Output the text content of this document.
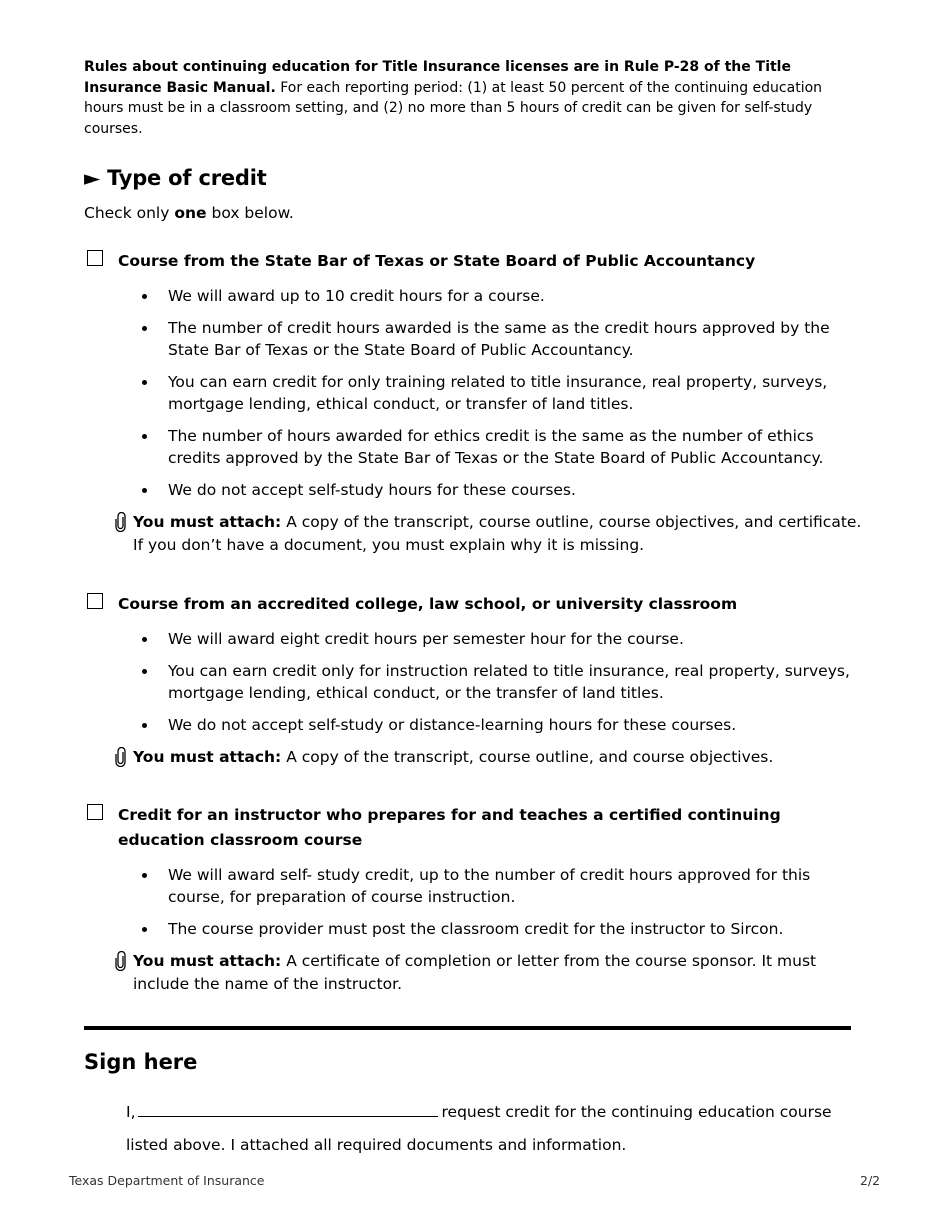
Rules about continuing education for Title Insurance licenses are in Rule P-28 of the Title Insurance Basic Manual. For each reporting period: (1) at least 50 percent of the continuing education hours must be in a classroom setting, and (2) no more than 5 hours of credit can be given for self-study courses.
► Type of credit
Check only one box below.
Course from the State Bar of Texas or State Board of Public Accountancy
We will award up to 10 credit hours for a course.
The number of credit hours awarded is the same as the credit hours approved by the State Bar of Texas or the State Board of Public Accountancy.
You can earn credit for only training related to title insurance, real property, surveys, mortgage lending, ethical conduct, or transfer of land titles.
The number of hours awarded for ethics credit is the same as the number of ethics credits approved by the State Bar of Texas or the State Board of Public Accountancy.
We do not accept self-study hours for these courses.
You must attach: A copy of the transcript, course outline, course objectives, and certificate. If you don’t have a document, you must explain why it is missing.
Course from an accredited college, law school, or university classroom
We will award eight credit hours per semester hour for the course.
You can earn credit only for instruction related to title insurance, real property, surveys, mortgage lending, ethical conduct, or the transfer of land titles.
We do not accept self-study or distance-learning hours for these courses.
You must attach: A copy of the transcript, course outline, and course objectives.
Credit for an instructor who prepares for and teaches a certified continuing education classroom course
We will award self- study credit, up to the number of credit hours approved for this course, for preparation of course instruction.
The course provider must post the classroom credit for the instructor to Sircon.
You must attach: A certificate of completion or letter from the course sponsor. It must include the name of the instructor.
Sign here
I,	request credit for the continuing education course
listed above. I attached all required documents and information.
Texas Department of Insurance	2/2
